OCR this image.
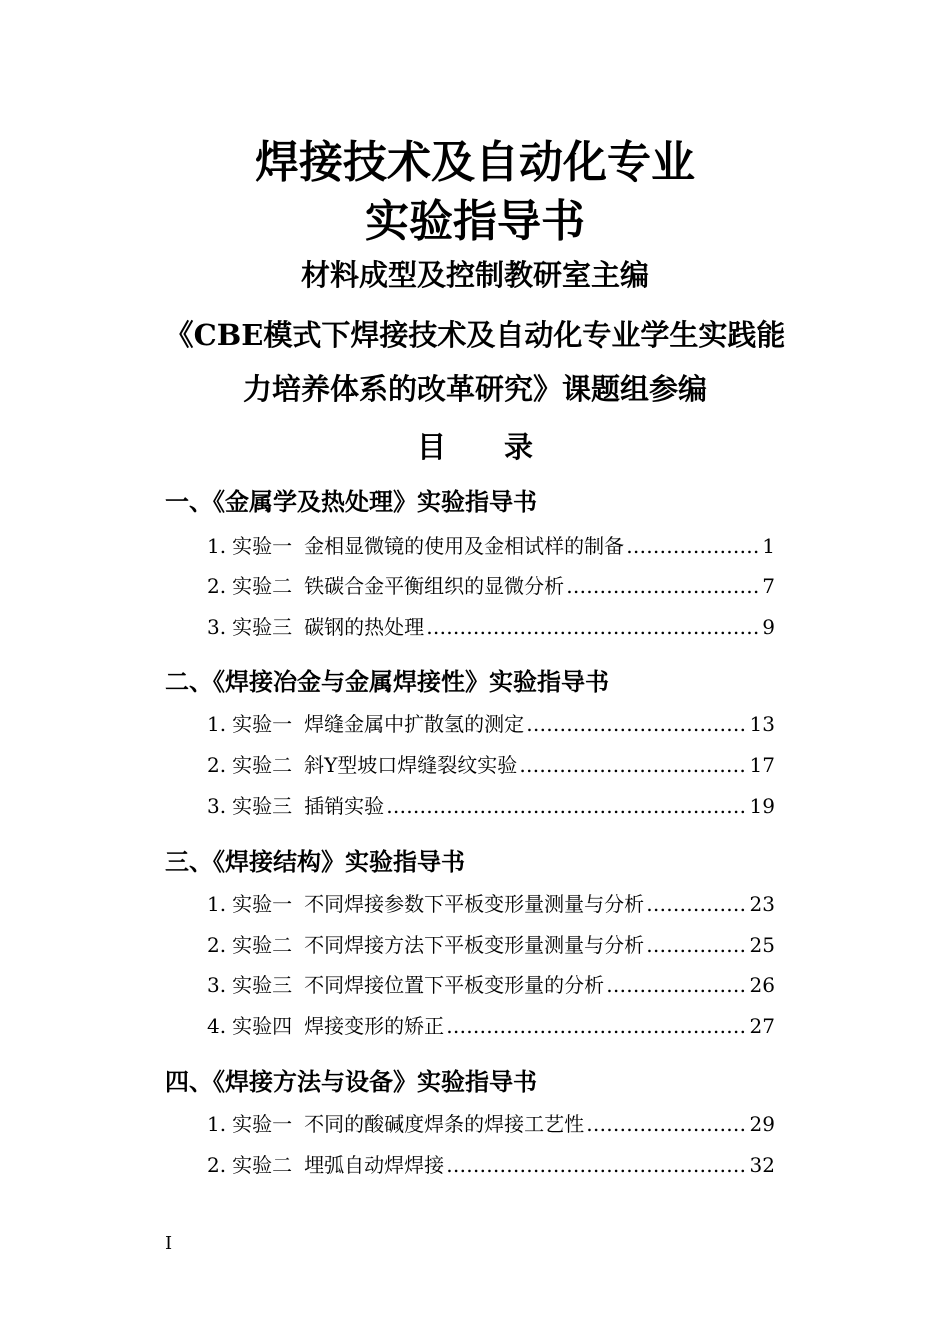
焊接技术及自动化专业
实验指导书
材料成型及控制教研室主编
《CBE模式下焊接技术及自动化专业学生实践能
力培养体系的改革研究》课题组参编
目 录
一、《金属学及热处理》实验指导书
1. 实验一 金相显微镜的使用及金相试样的制备 ……………………………………………………………………………………………………………………	1
2. 实验二 铁碳合金平衡组织的显微分析 ……………………………………………………………………………………………………………………	7
3. 实验三 碳钢的热处理 ……………………………………………………………………………………………………………………	9
二、《焊接冶金与金属焊接性》实验指导书
1. 实验一 焊缝金属中扩散氢的测定 ……………………………………………………………………………………………………………………	13
2. 实验二 斜Y型坡口焊缝裂纹实验 ……………………………………………………………………………………………………………………	17
3. 实验三 插销实验 ……………………………………………………………………………………………………………………	19
三、《焊接结构》实验指导书
1. 实验一 不同焊接参数下平板变形量测量与分析 ……………………………………………………………………………………………………………………	23
2. 实验二 不同焊接方法下平板变形量测量与分析 ……………………………………………………………………………………………………………………	25
3. 实验三 不同焊接位置下平板变形量的分析 ……………………………………………………………………………………………………………………	26
4. 实验四 焊接变形的矫正 ……………………………………………………………………………………………………………………	27
四、《焊接方法与设备》实验指导书
1. 实验一 不同的酸碱度焊条的焊接工艺性 ……………………………………………………………………………………………………………………	29
2. 实验二 埋弧自动焊焊接 ……………………………………………………………………………………………………………………	32
I
